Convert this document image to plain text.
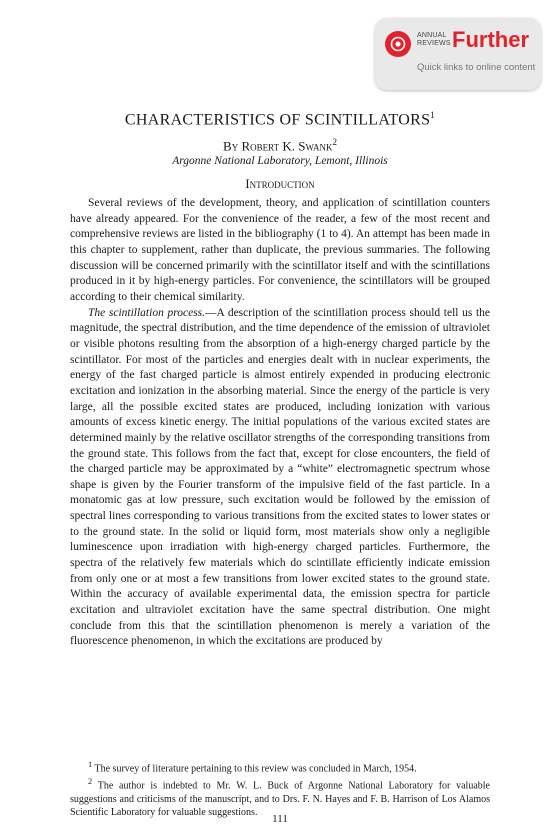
ANNUAL
REVIEWS Further
Quick links to online content
CHARACTERISTICS OF SCINTILLATORS$^1$
By Robert K. Swank$^2$
Argonne National Laboratory, Lemont, Illinois
Introduction

Several reviews of the development, theory, and application of scintillation counters have already appeared. For the convenience of the reader, a few of the most recent and comprehensive reviews are listed in the bibliography (1 to 4). An attempt has been made in this chapter to supplement, rather than duplicate, the previous summaries. The following discussion will be concerned primarily with the scintillator itself and with the scintillations produced in it by high-energy particles. For convenience, the scintillators will be grouped according to their chemical similarity.

The scintillation process.—A description of the scintillation process should tell us the magnitude, the spectral distribution, and the time dependence of the emission of ultraviolet or visible photons resulting from the absorption of a high-energy charged particle by the scintillator. For most of the particles and energies dealt with in nuclear experiments, the energy of the fast charged particle is almost entirely expended in producing electronic excitation and ionization in the absorbing material. Since the energy of the particle is very large, all the possible excited states are produced, including ionization with various amounts of excess kinetic energy. The initial populations of the various excited states are determined mainly by the relative oscillator strengths of the corresponding transitions from the ground state. This follows from the fact that, except for close encounters, the field of the charged particle may be approximated by a “white” electromagnetic spectrum whose shape is given by the Fourier transform of the impulsive field of the fast particle. In a monatomic gas at low pressure, such excitation would be followed by the emission of spectral lines corresponding to various transitions from the excited states to lower states or to the ground state. In the solid or liquid form, most materials show only a negligible luminescence upon irradiation with high-energy charged particles. Furthermore, the spectra of the relatively few materials which do scintillate efficiently indicate emission from only one or at most a few transitions from lower excited states to the ground state. Within the accuracy of available experimental data, the emission spectra for particle excitation and ultraviolet excitation have the same spectral distribution. One might conclude from this that the scintillation phenomenon is merely a variation of the fluorescence phenomenon, in which the excitations are produced by

$^1$ The survey of literature pertaining to this review was concluded in March, 1954.

$^2$ The author is indebted to Mr. W. L. Buck of Argonne National Laboratory for valuable suggestions and criticisms of the manuscript, and to Drs. F. N. Hayes and F. B. Harrison of Los Alamos Scientific Laboratory for valuable suggestions.

111
